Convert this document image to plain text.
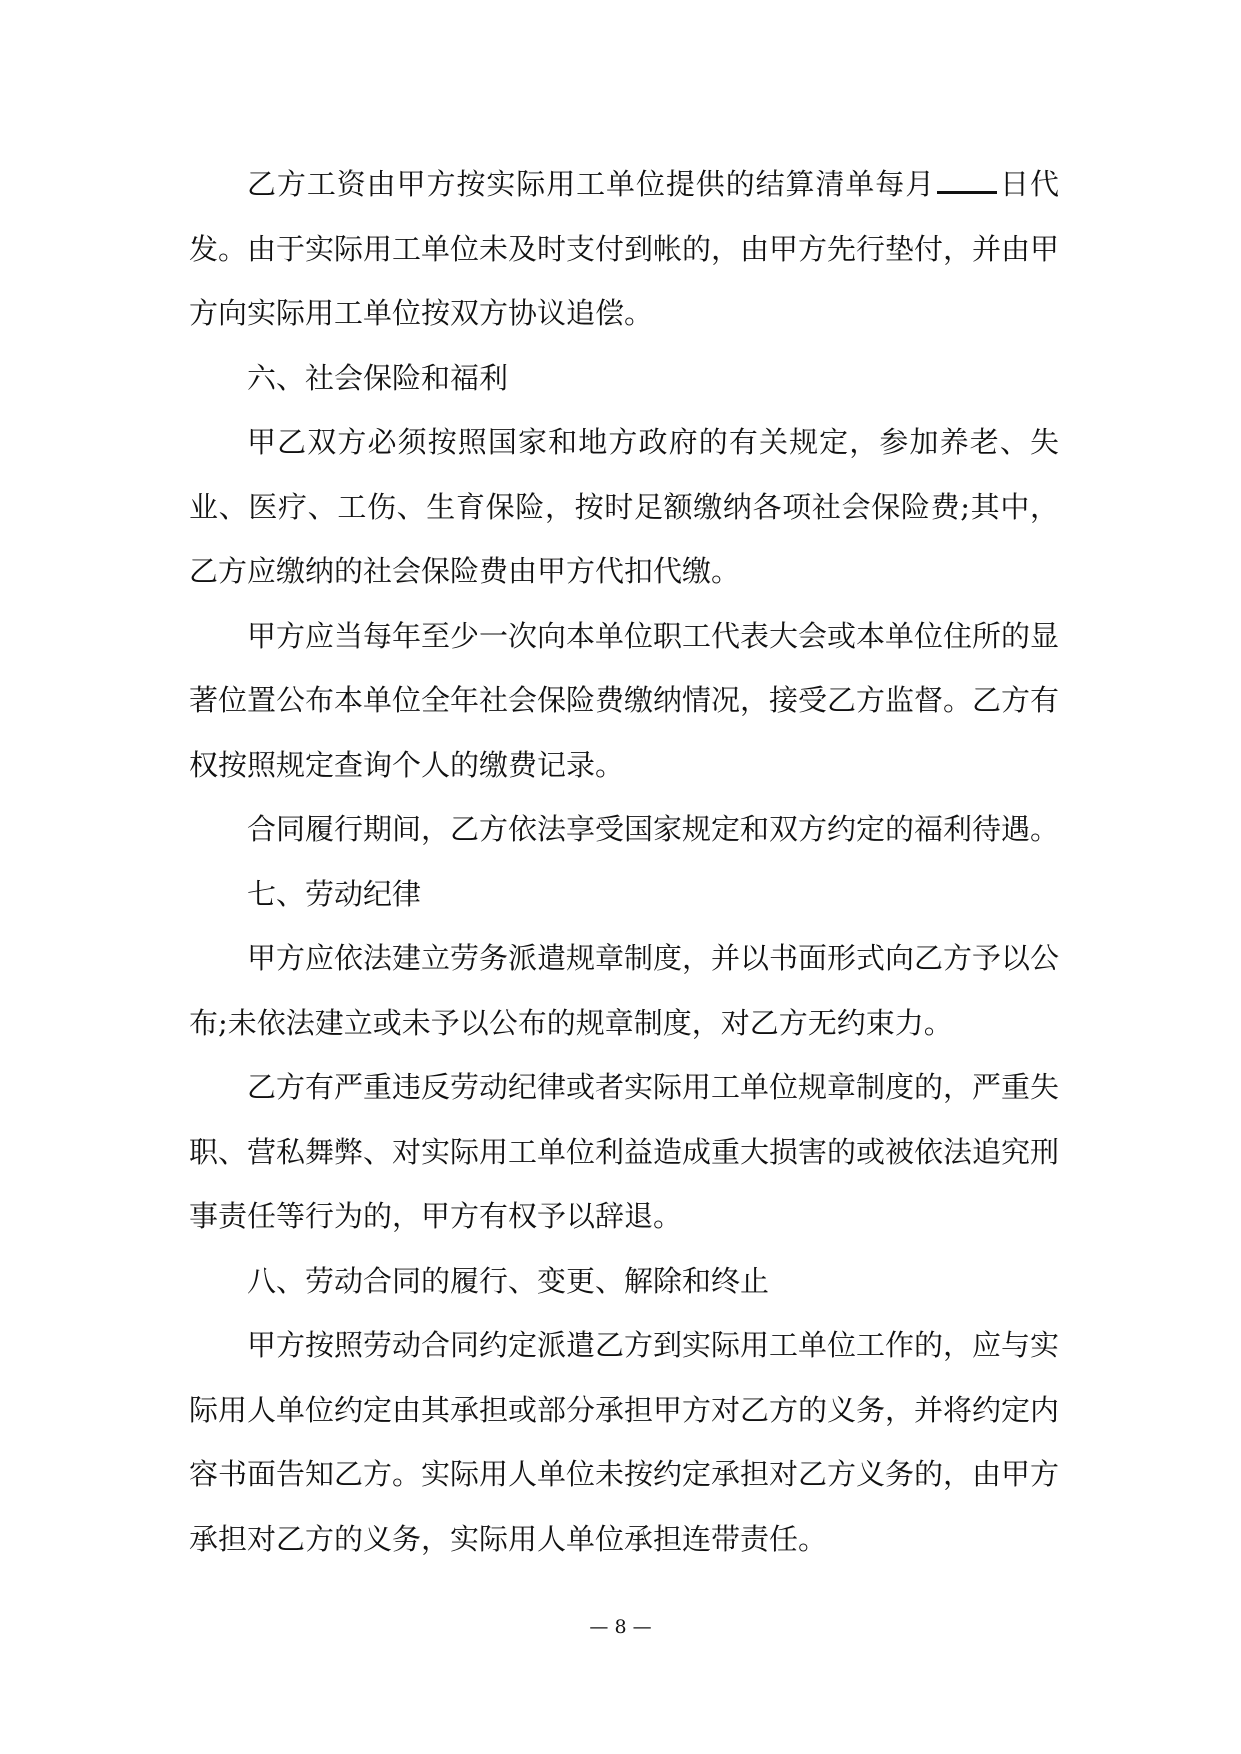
乙方工资由甲方按实际用工单位提供的结算清单每月 日代发。由于实际用工单位未及时支付到帐的，由甲方先行垫付，并由甲方向实际用工单位按双方协议追偿。

六、社会保险和福利

甲乙双方必须按照国家和地方政府的有关规定，参加养老、失业、医疗、工伤、生育保险，按时足额缴纳各项社会保险费;其中，乙方应缴纳的社会保险费由甲方代扣代缴。

甲方应当每年至少一次向本单位职工代表大会或本单位住所的显著位置公布本单位全年社会保险费缴纳情况，接受乙方监督。乙方有权按照规定查询个人的缴费记录。

合同履行期间，乙方依法享受国家规定和双方约定的福利待遇。

七、劳动纪律

甲方应依法建立劳务派遣规章制度，并以书面形式向乙方予以公布;未依法建立或未予以公布的规章制度，对乙方无约束力。

乙方有严重违反劳动纪律或者实际用工单位规章制度的，严重失职、营私舞弊、对实际用工单位利益造成重大损害的或被依法追究刑事责任等行为的，甲方有权予以辞退。

八、劳动合同的履行、变更、解除和终止

甲方按照劳动合同约定派遣乙方到实际用工单位工作的，应与实际用人单位约定由其承担或部分承担甲方对乙方的义务，并将约定内容书面告知乙方。实际用人单位未按约定承担对乙方义务的，由甲方承担对乙方的义务，实际用人单位承担连带责任。

— 8 —
